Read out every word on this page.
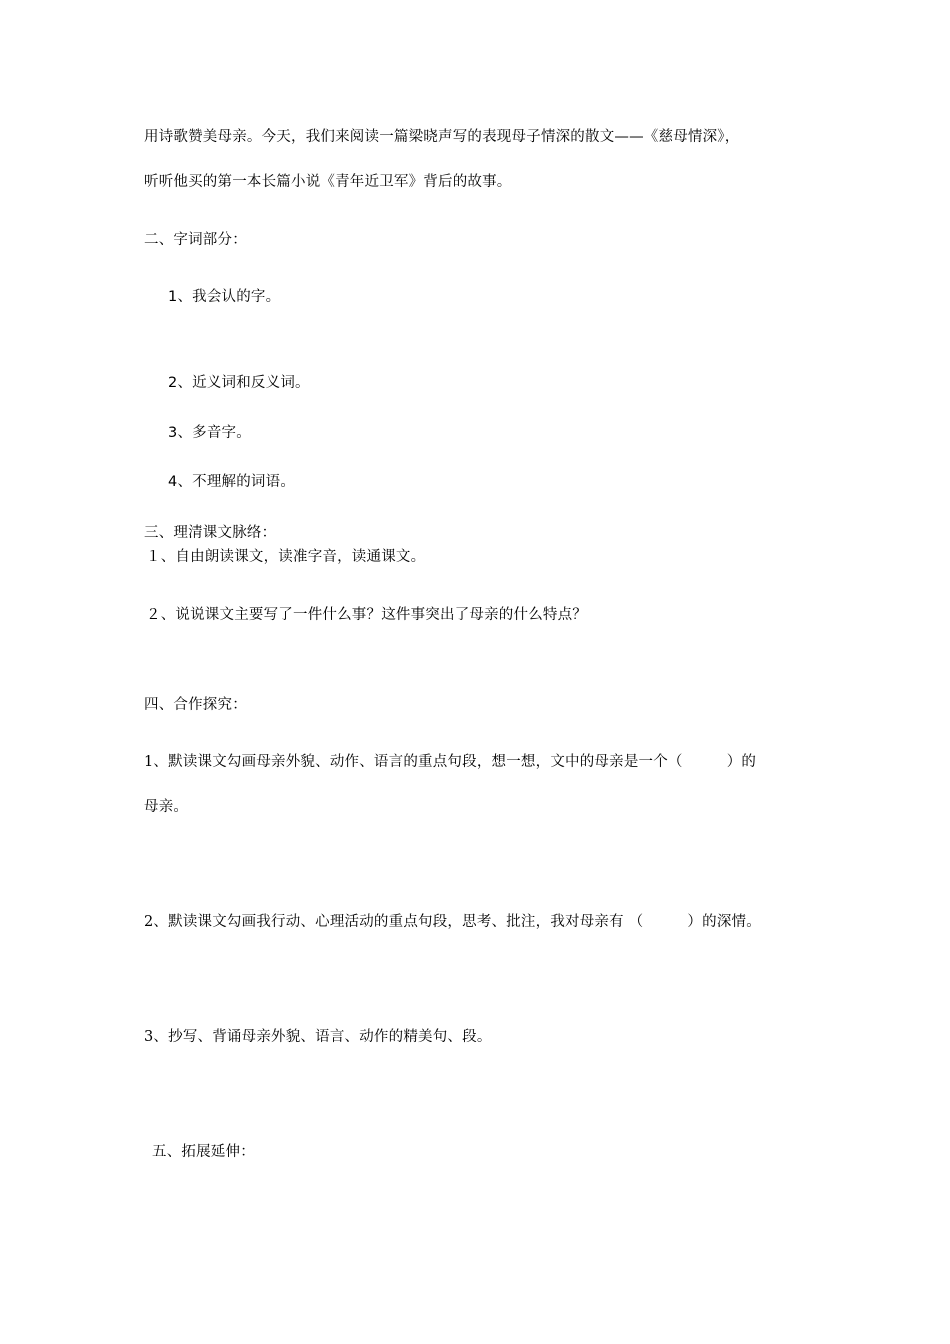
用诗歌赞美母亲。今天，我们来阅读一篇梁晓声写的表现母子情深的散文——《慈母情深》，
听听他买的第一本长篇小说《青年近卫军》背后的故事。
二、字词部分：
1、我会认的字。
2、近义词和反义词。
3、多音字。
4、不理解的词语。
三、理清课文脉络：
１、自由朗读课文，读准字音，读通课文。
２、说说课文主要写了一件什么事？这件事突出了母亲的什么特点？
四、合作探究：
1、默读课文勾画母亲外貌、动作、语言的重点句段，想一想，文中的母亲是一个（　　　）的
母亲。
2、默读课文勾画我行动、心理活动的重点句段，思考、批注，我对母亲有 （　　　）的深情。
3、抄写、背诵母亲外貌、语言、动作的精美句、段。
五、拓展延伸：
